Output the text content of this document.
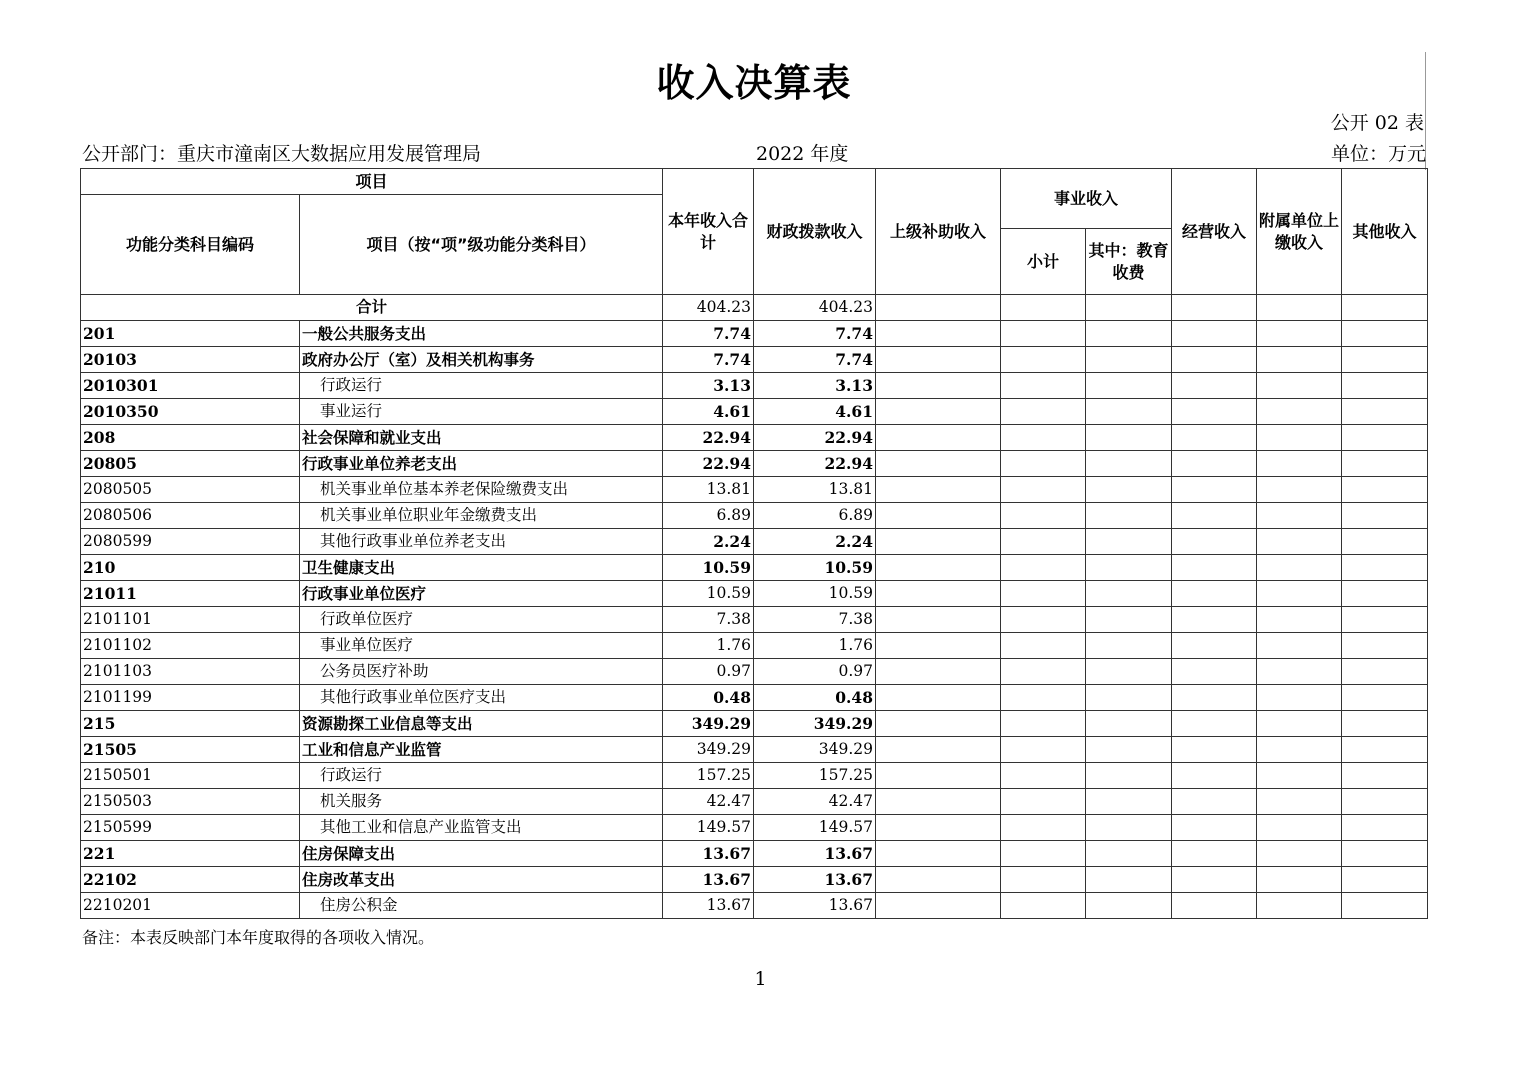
收入决算表
公开 02 表
公开部门：重庆市潼南区大数据应用发展管理局	2022 年度	单位：万元
项目		本年收入合计	财政拨款收入	上级补助收入	事业收入		经营收入	附属单位上缴收入	其他收入
功能分类科目编码	项目（按“项”级功能分类科目）								
					小计	其中：教育收费			
合计		404.23	404.23						
201	一般公共服务支出	7.74	7.74						
20103	政府办公厅（室）及相关机构事务	7.74	7.74						
2010301	行政运行	3.13	3.13						
2010350	事业运行	4.61	4.61						
208	社会保障和就业支出	22.94	22.94						
20805	行政事业单位养老支出	22.94	22.94						
2080505	机关事业单位基本养老保险缴费支出	13.81	13.81						
2080506	机关事业单位职业年金缴费支出	6.89	6.89						
2080599	其他行政事业单位养老支出	2.24	2.24						
210	卫生健康支出	10.59	10.59						
21011	行政事业单位医疗	10.59	10.59						
2101101	行政单位医疗	7.38	7.38						
2101102	事业单位医疗	1.76	1.76						
2101103	公务员医疗补助	0.97	0.97						
2101199	其他行政事业单位医疗支出	0.48	0.48						
215	资源勘探工业信息等支出	349.29	349.29						
21505	工业和信息产业监管	349.29	349.29						
2150501	行政运行	157.25	157.25						
2150503	机关服务	42.47	42.47						
2150599	其他工业和信息产业监管支出	149.57	149.57						
221	住房保障支出	13.67	13.67						
22102	住房改革支出	13.67	13.67						
2210201	住房公积金	13.67	13.67						
备注：本表反映部门本年度取得的各项收入情况。
1
